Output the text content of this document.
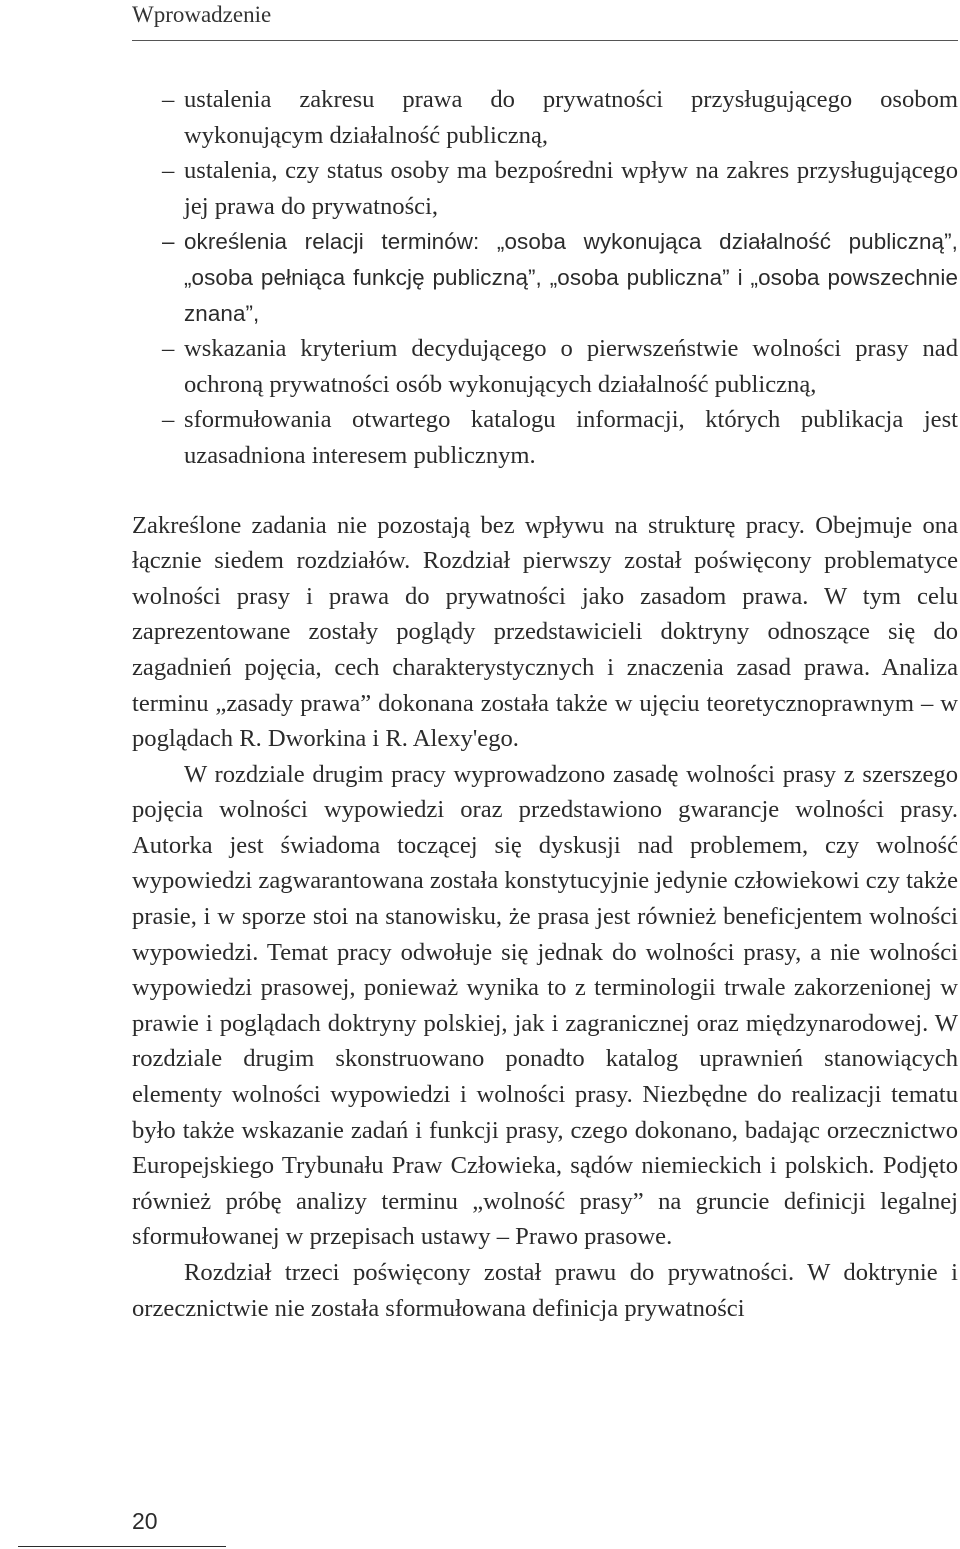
Wprowadzenie
– ustalenia zakresu prawa do prywatności przysługującego osobom wykonującym działalność publiczną,
– ustalenia, czy status osoby ma bezpośredni wpływ na zakres przysługującego jej prawa do prywatności,
– określenia relacji terminów: „osoba wykonująca działalność publiczną”, „osoba pełniąca funkcję publiczną”, „osoba publiczna” i „osoba powszechnie znana”,
– wskazania kryterium decydującego o pierwszeństwie wolności prasy nad ochroną prywatności osób wykonujących działalność publiczną,
– sformułowania otwartego katalogu informacji, których publikacja jest uzasadniona interesem publicznym.

Zakreślone zadania nie pozostają bez wpływu na strukturę pracy. Obejmuje ona łącznie siedem rozdziałów. Rozdział pierwszy został poświęcony problematyce wolności prasy i prawa do prywatności jako zasadom prawa. W tym celu zaprezentowane zostały poglądy przedstawicieli doktryny odnoszące się do zagadnień pojęcia, cech charakterystycznych i znaczenia zasad prawa. Analiza terminu „zasady prawa” dokonana została także w ujęciu teoretycznoprawnym – w poglądach R. Dworkina i R. Alexy'ego.

W rozdziale drugim pracy wyprowadzono zasadę wolności prasy z szerszego pojęcia wolności wypowiedzi oraz przedstawiono gwarancje wolności prasy. Autorka jest świadoma toczącej się dyskusji nad problemem, czy wolność wypowiedzi zagwarantowana została konstytucyjnie jedynie człowiekowi czy także prasie, i w sporze stoi na stanowisku, że prasa jest również beneficjentem wolności wypowiedzi. Temat pracy odwołuje się jednak do wolności prasy, a nie wolności wypowiedzi prasowej, ponieważ wynika to z terminologii trwale zakorzenionej w prawie i poglądach doktryny polskiej, jak i zagranicznej oraz międzynarodowej. W rozdziale drugim skonstruowano ponadto katalog uprawnień stanowiących elementy wolności wypowiedzi i wolności prasy. Niezbędne do realizacji tematu było także wskazanie zadań i funkcji prasy, czego dokonano, badając orzecznictwo Europejskiego Trybunału Praw Człowieka, sądów niemieckich i polskich. Podjęto również próbę analizy terminu „wolność prasy” na gruncie definicji legalnej sformułowanej w przepisach ustawy – Prawo prasowe.

Rozdział trzeci poświęcony został prawu do prywatności. W doktrynie i orzecznictwie nie została sformułowana definicja prywatności

20
